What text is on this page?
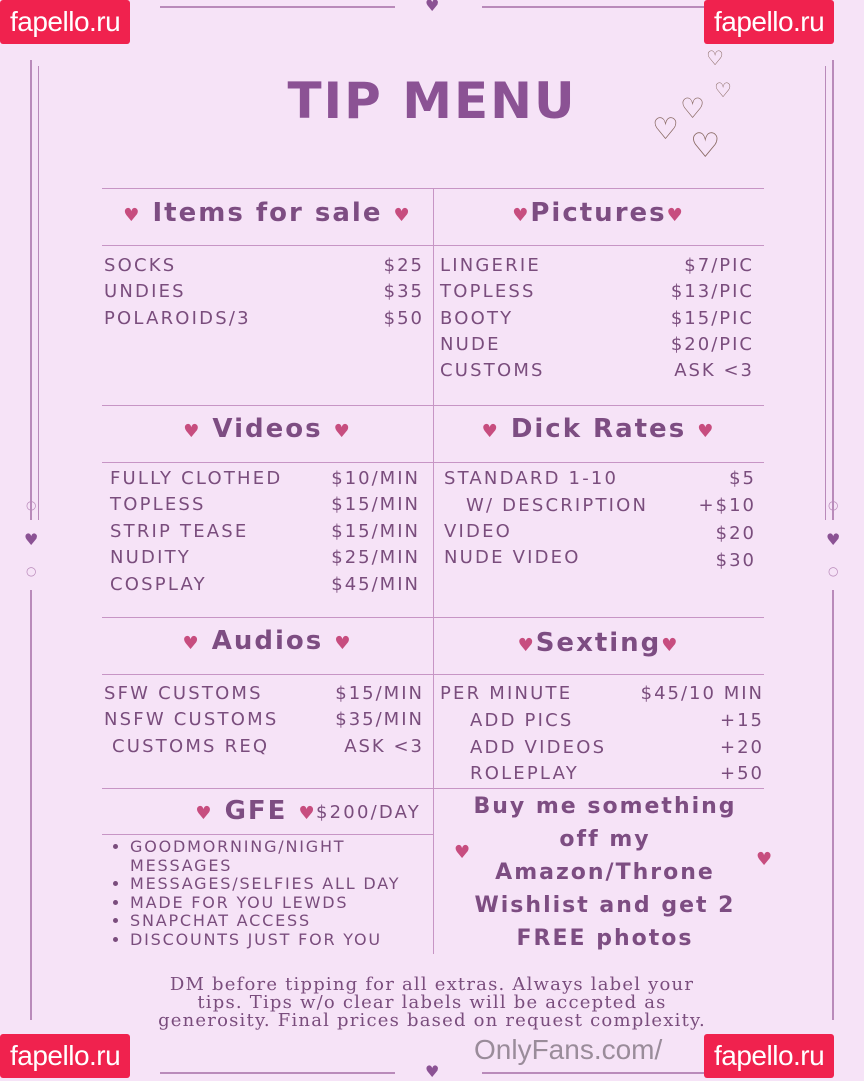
♥
♥
♥	♥
○
○
○
○
fapello.ru	fapello.ru
fapello.ru
TIP MENU
♡
♡
♡
♡ ♡
♥ Items for sale ♥
SOCKS	$25
UNDIES	$35
POLAROIDS/3	$50
♥Pictures♥
LINGERIE	$7/PIC
TOPLESS	$13/PIC
BOOTY	$15/PIC
NUDE	$20/PIC
CUSTOMS	ASK <3
♥ Videos ♥
FULLY CLOTHED	$10/MIN
TOPLESS	$15/MIN
STRIP TEASE	$15/MIN
NUDITY	$25/MIN
COSPLAY	$45/MIN
♥ Dick Rates ♥
STANDARD 1-10	$5
W/ DESCRIPTION	+$10
VIDEO	$20
NUDE VIDEO	$30
♥ Audios ♥
SFW CUSTOMS	$15/MIN
NSFW CUSTOMS	$35/MIN
CUSTOMS REQ	ASK <3
♥Sexting♥
PER MINUTE	$45/10 MIN
ADD PICS	+15
ADD VIDEOS	+20
ROLEPLAY	+50
♥ GFE ♥ $200/DAY
• GOODMORNING/NIGHT MESSAGES
• MESSAGES/SELFIES ALL DAY
• MADE FOR YOU LEWDS
• SNAPCHAT ACCESS
• DISCOUNTS JUST FOR YOU
Buy me something
off my
Amazon/Throne
Wishlist and get 2
FREE photos
♥	♥
DM before tipping for all extras. Always label your
tips. Tips w/o clear labels will be accepted as
generosity. Final prices based on request complexity.
OnlyFans.com/	fapello.ru
